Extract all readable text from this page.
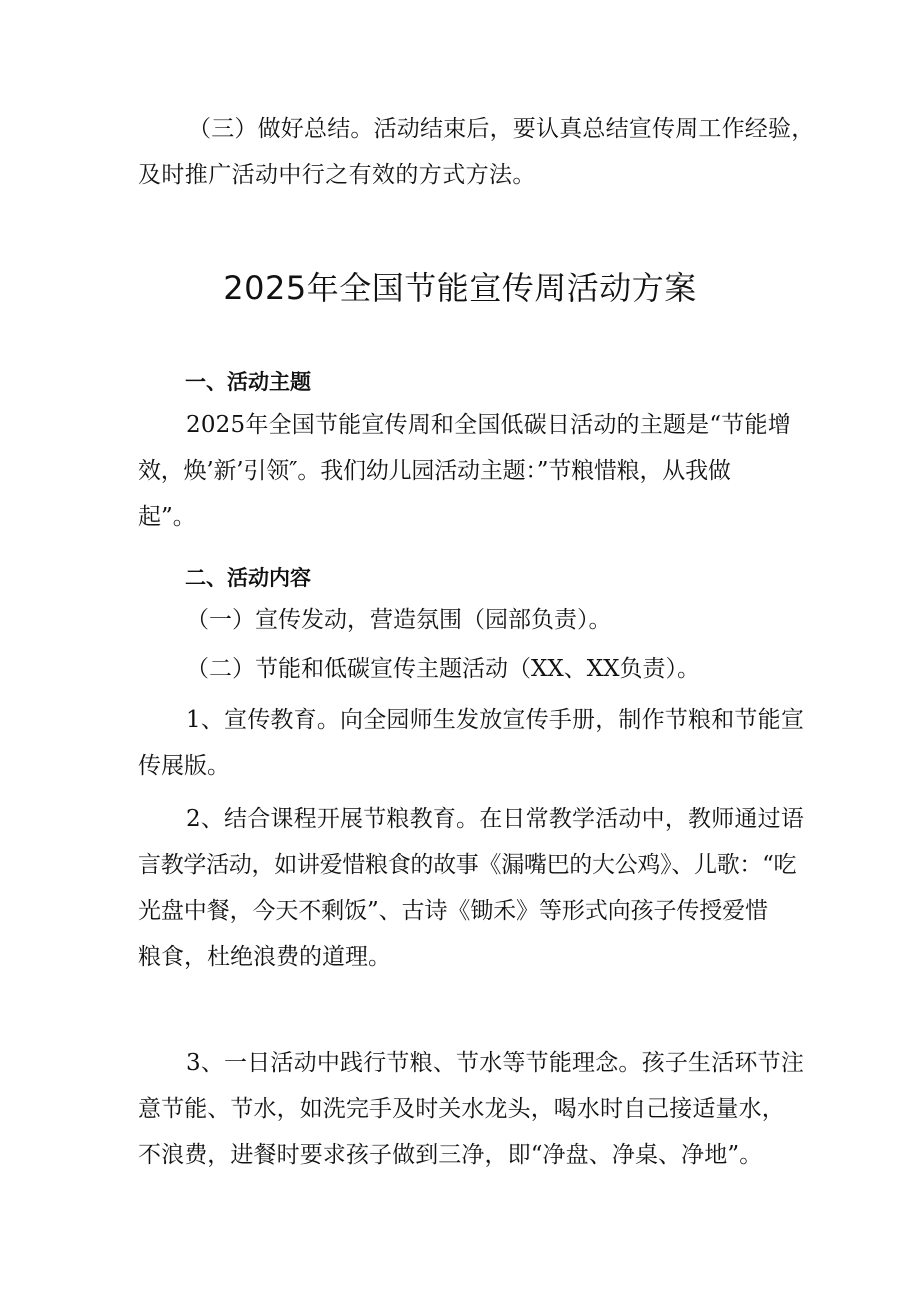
（三）做好总结。活动结束后，要认真总结宣传周工作经验，
及时推广活动中行之有效的方式方法。
2025年全国节能宣传周活动方案
一、活动主题
2025年全国节能宣传周和全国低碳日活动的主题是“节能增
效，焕’新’引领″。我们幼儿园活动主题：”节粮惜粮，从我做
起”。
二、活动内容
（一）宣传发动，营造氛围（园部负责）。
（二）节能和低碳宣传主题活动（XX、XX负责）。
1、宣传教育。向全园师生发放宣传手册，制作节粮和节能宣
传展版。
2、结合课程开展节粮教育。在日常教学活动中，教师通过语
言教学活动，如讲爱惜粮食的故事《漏嘴巴的大公鸡》、儿歌：“吃
光盘中餐，今天不剩饭”、古诗《锄禾》等形式向孩子传授爱惜
粮食，杜绝浪费的道理。
3、一日活动中践行节粮、节水等节能理念。孩子生活环节注
意节能、节水，如洗完手及时关水龙头，喝水时自己接适量水，
不浪费，进餐时要求孩子做到三净，即“净盘、净桌、净地”。
